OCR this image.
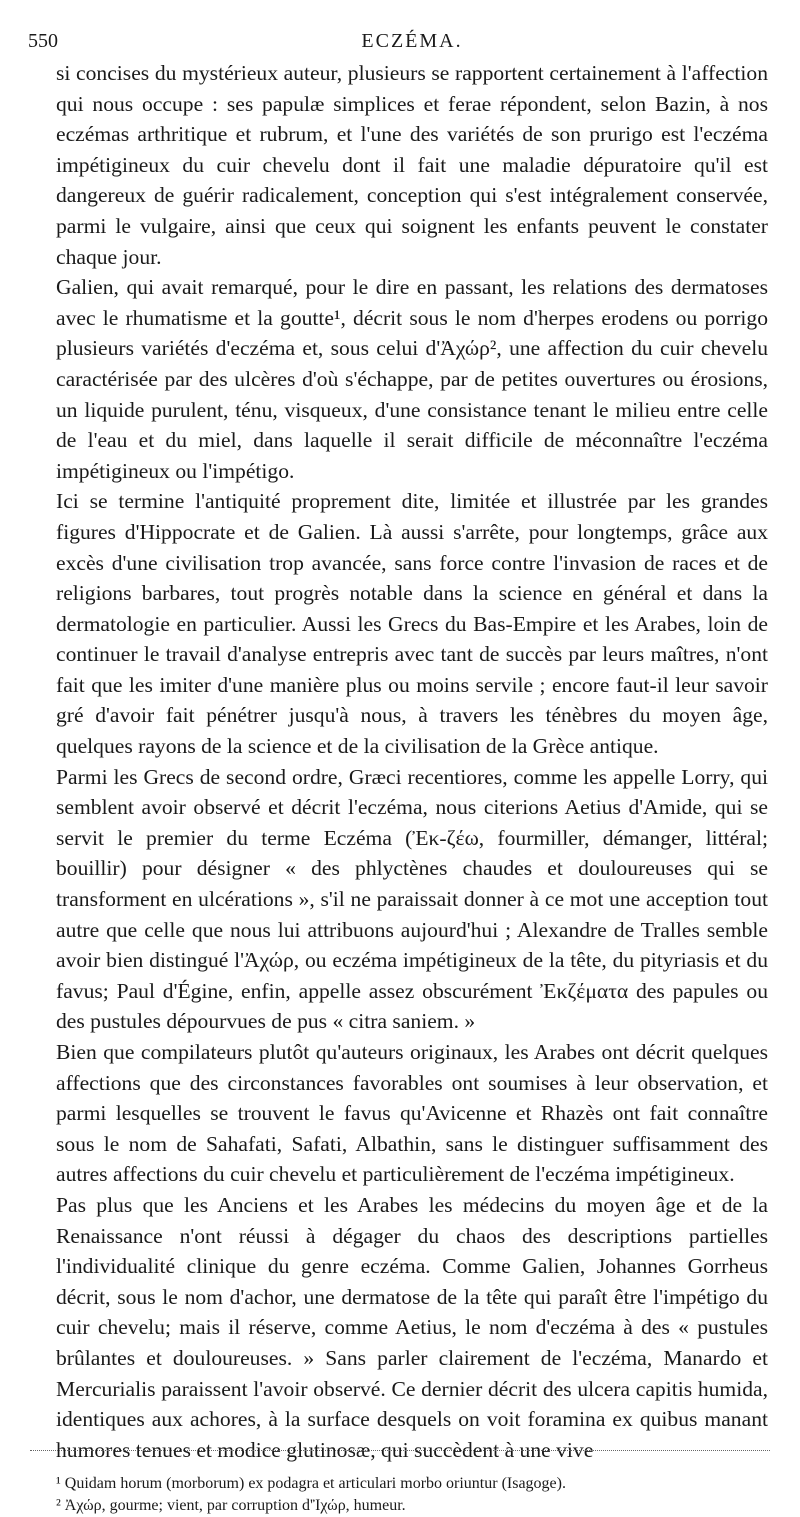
550	ECZÉMA.

si concises du mystérieux auteur, plusieurs se rapportent certainement à l'affection qui nous occupe : ses papulæ simplices et ferae répondent, selon Bazin, à nos eczémas arthritique et rubrum, et l'une des variétés de son prurigo est l'eczéma impétigineux du cuir chevelu dont il fait une maladie dépuratoire qu'il est dangereux de guérir radicalement, conception qui s'est intégralement conservée, parmi le vulgaire, ainsi que ceux qui soignent les enfants peuvent le constater chaque jour.

Galien, qui avait remarqué, pour le dire en passant, les relations des dermatoses avec le rhumatisme et la goutte¹, décrit sous le nom d'herpes erodens ou porrigo plusieurs variétés d'eczéma et, sous celui d'Ἀχώρ², une affection du cuir chevelu caractérisée par des ulcères d'où s'échappe, par de petites ouvertures ou érosions, un liquide purulent, ténu, visqueux, d'une consistance tenant le milieu entre celle de l'eau et du miel, dans laquelle il serait difficile de méconnaître l'eczéma impétigineux ou l'impétigo.

Ici se termine l'antiquité proprement dite, limitée et illustrée par les grandes figures d'Hippocrate et de Galien. Là aussi s'arrête, pour longtemps, grâce aux excès d'une civilisation trop avancée, sans force contre l'invasion de races et de religions barbares, tout progrès notable dans la science en général et dans la dermatologie en particulier. Aussi les Grecs du Bas-Empire et les Arabes, loin de continuer le travail d'analyse entrepris avec tant de succès par leurs maîtres, n'ont fait que les imiter d'une manière plus ou moins servile ; encore faut-il leur savoir gré d'avoir fait pénétrer jusqu'à nous, à travers les ténèbres du moyen âge, quelques rayons de la science et de la civilisation de la Grèce antique.

Parmi les Grecs de second ordre, Græci recentiores, comme les appelle Lorry, qui semblent avoir observé et décrit l'eczéma, nous citerions Aetius d'Amide, qui se servit le premier du terme Eczéma (Ἐκ-ζέω, fourmiller, démanger, littéral; bouillir) pour désigner « des phlyctènes chaudes et douloureuses qui se transforment en ulcérations », s'il ne paraissait donner à ce mot une acception tout autre que celle que nous lui attribuons aujourd'hui ; Alexandre de Tralles semble avoir bien distingué l'Ἀχώρ, ou eczéma impétigineux de la tête, du pityriasis et du favus; Paul d'Égine, enfin, appelle assez obscurément Ἐκζέματα des papules ou des pustules dépourvues de pus « citra saniem. »

Bien que compilateurs plutôt qu'auteurs originaux, les Arabes ont décrit quelques affections que des circonstances favorables ont soumises à leur observation, et parmi lesquelles se trouvent le favus qu'Avicenne et Rhazès ont fait connaître sous le nom de Sahafati, Safati, Albathin, sans le distinguer suffisamment des autres affections du cuir chevelu et particulièrement de l'eczéma impétigineux.

Pas plus que les Anciens et les Arabes les médecins du moyen âge et de la Renaissance n'ont réussi à dégager du chaos des descriptions partielles l'individualité clinique du genre eczéma. Comme Galien, Johannes Gorrheus décrit, sous le nom d'achor, une dermatose de la tête qui paraît être l'impétigo du cuir chevelu; mais il réserve, comme Aetius, le nom d'eczéma à des « pustules brûlantes et douloureuses. » Sans parler clairement de l'eczéma, Manardo et Mercurialis paraissent l'avoir observé. Ce dernier décrit des ulcera capitis humida, identiques aux achores, à la surface desquels on voit foramina ex quibus manant humores tenues et modice glutinosæ, qui succèdent à une vive

¹ Quidam horum (morborum) ex podagra et articulari morbo oriuntur (Isagoge).
² Ἀχώρ, gourme; vient, par corruption d'Ἰχώρ, humeur.
